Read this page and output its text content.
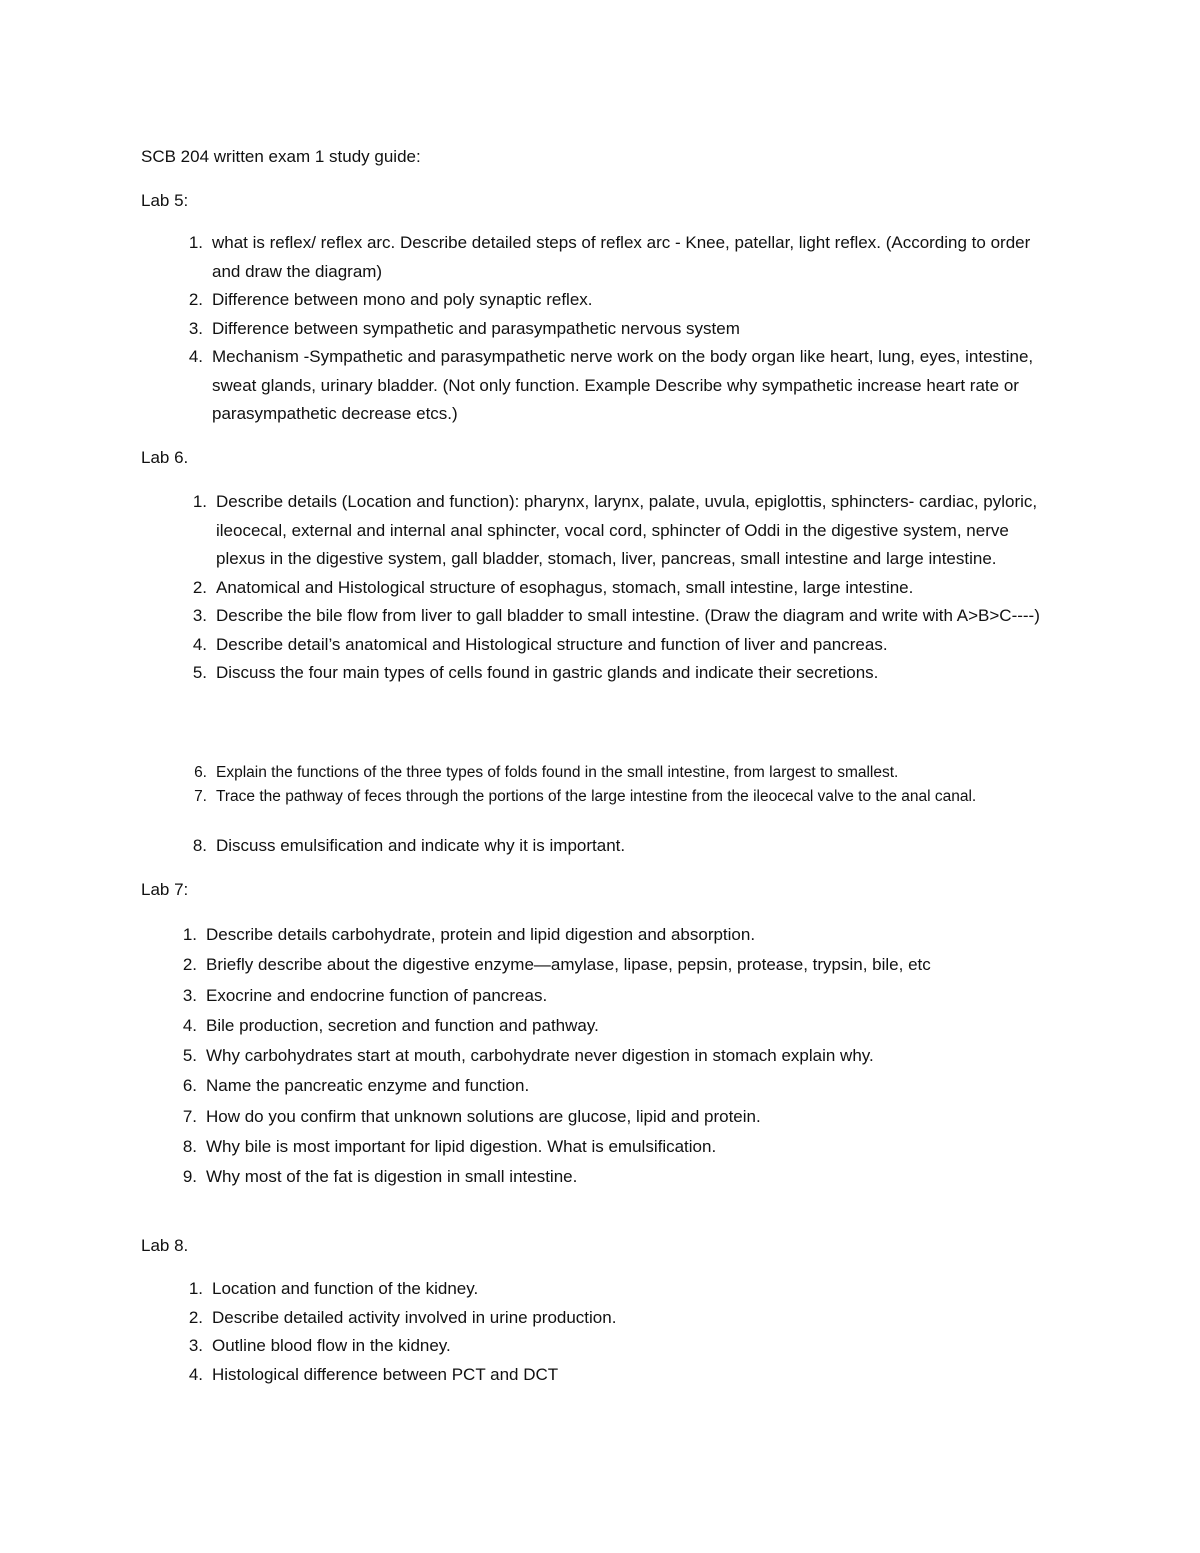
SCB 204 written exam 1 study guide:
Lab 5:
1. what is reflex/ reflex arc. Describe detailed steps of reflex arc - Knee, patellar, light reflex. (According to order and draw the diagram)
2. Difference between mono and poly synaptic reflex.
3. Difference between sympathetic and parasympathetic nervous system
4. Mechanism -Sympathetic and parasympathetic nerve work on the body organ like heart, lung, eyes, intestine, sweat glands, urinary bladder. (Not only function. Example Describe why sympathetic increase heart rate or parasympathetic decrease etcs.)
Lab 6.
1. Describe details (Location and function): pharynx, larynx, palate, uvula, epiglottis, sphincters- cardiac, pyloric, ileocecal, external and internal anal sphincter, vocal cord, sphincter of Oddi in the digestive system, nerve plexus in the digestive system, gall bladder, stomach, liver, pancreas, small intestine and large intestine.
2. Anatomical and Histological structure of esophagus, stomach, small intestine, large intestine.
3. Describe the bile flow from liver to gall bladder to small intestine. (Draw the diagram and write with A>B>C----)
4. Describe detail’s anatomical and Histological structure and function of liver and pancreas.
5. Discuss the four main types of cells found in gastric glands and indicate their secretions.
6. Explain the functions of the three types of folds found in the small intestine, from largest to smallest.
7. Trace the pathway of feces through the portions of the large intestine from the ileocecal valve to the anal canal.
8. Discuss emulsification and indicate why it is important.
Lab 7:
1. Describe details carbohydrate, protein and lipid digestion and absorption.
2. Briefly describe about the digestive enzyme—amylase, lipase, pepsin, protease, trypsin, bile, etc
3. Exocrine and endocrine function of pancreas.
4. Bile production, secretion and function and pathway.
5. Why carbohydrates start at mouth, carbohydrate never digestion in stomach explain why.
6. Name the pancreatic enzyme and function.
7. How do you confirm that unknown solutions are glucose, lipid and protein.
8. Why bile is most important for lipid digestion. What is emulsification.
9. Why most of the fat is digestion in small intestine.
Lab 8.
1. Location and function of the kidney.
2. Describe detailed activity involved in urine production.
3. Outline blood flow in the kidney.
4. Histological difference between PCT and DCT
